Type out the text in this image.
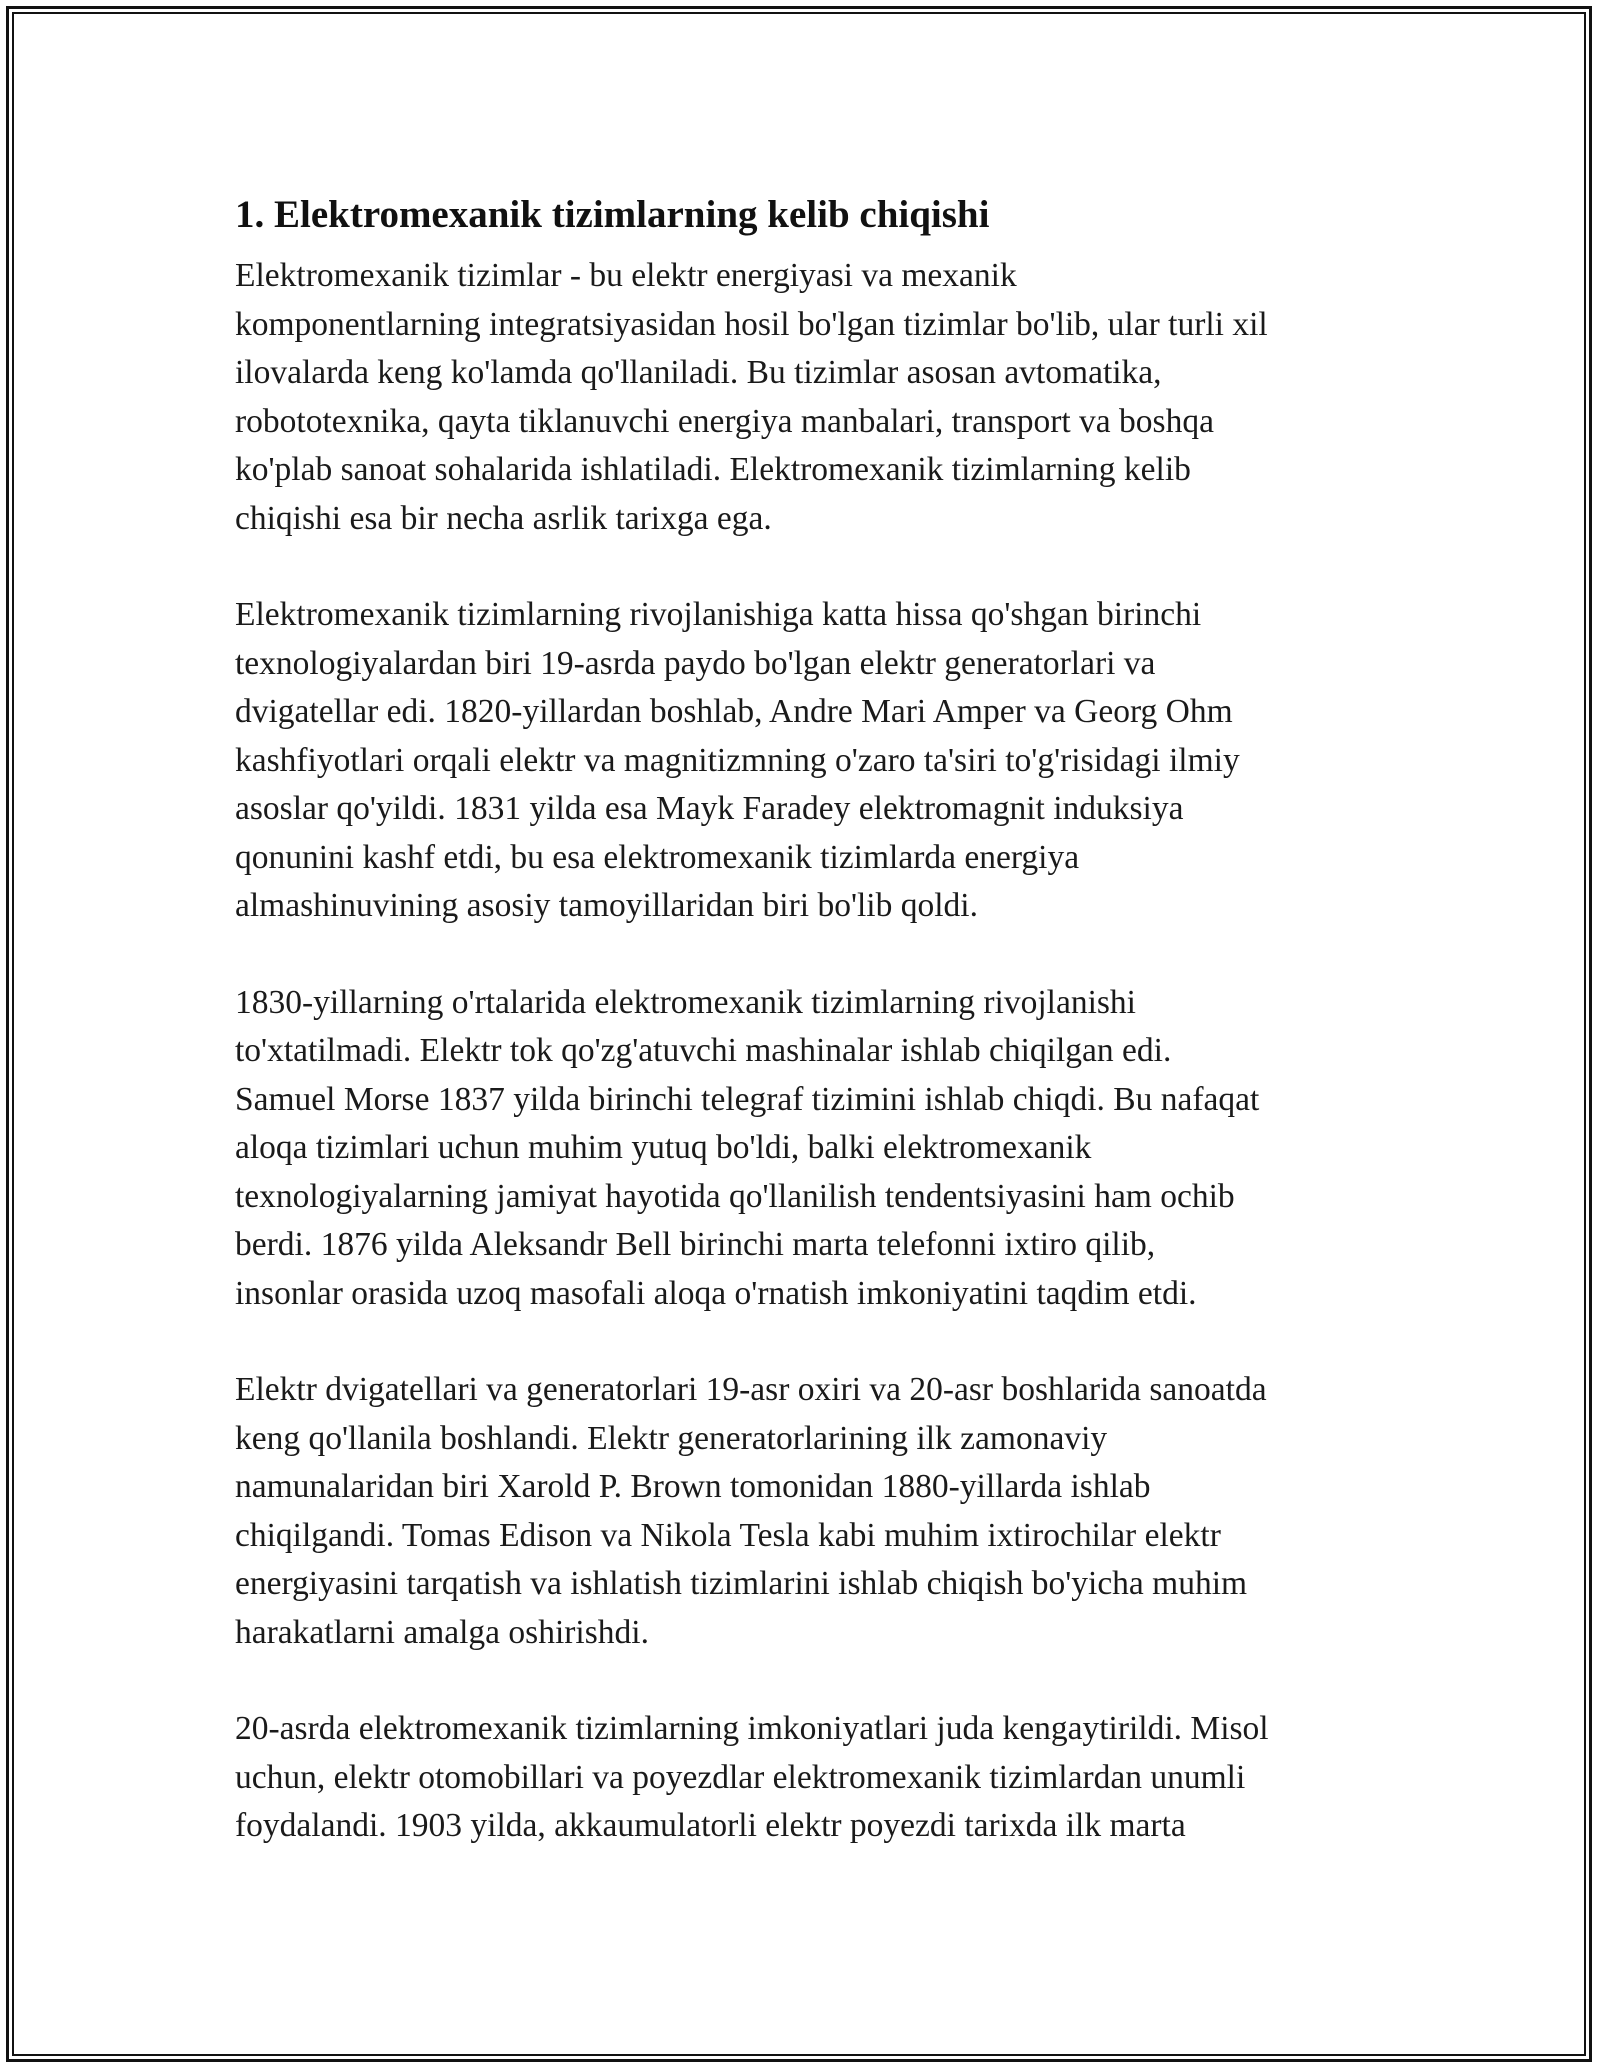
1. Elektromexanik tizimlarning kelib chiqishi
Elektromexanik tizimlar - bu elektr energiyasi va mexanik
komponentlarning integratsiyasidan hosil bo'lgan tizimlar bo'lib, ular turli xil
ilovalarda keng ko'lamda qo'llaniladi. Bu tizimlar asosan avtomatika,
robototexnika, qayta tiklanuvchi energiya manbalari, transport va boshqa
ko'plab sanoat sohalarida ishlatiladi. Elektromexanik tizimlarning kelib
chiqishi esa bir necha asrlik tarixga ega.
Elektromexanik tizimlarning rivojlanishiga katta hissa qo'shgan birinchi
texnologiyalardan biri 19-asrda paydo bo'lgan elektr generatorlari va
dvigatellar edi. 1820-yillardan boshlab, Andre Mari Amper va Georg Ohm
kashfiyotlari orqali elektr va magnitizmning o'zaro ta'siri to'g'risidagi ilmiy
asoslar qo'yildi. 1831 yilda esa Mayk Faradey elektromagnit induksiya
qonunini kashf etdi, bu esa elektromexanik tizimlarda energiya
almashinuvining asosiy tamoyillaridan biri bo'lib qoldi.
1830-yillarning o'rtalarida elektromexanik tizimlarning rivojlanishi
to'xtatilmadi. Elektr tok qo'zg'atuvchi mashinalar ishlab chiqilgan edi.
Samuel Morse 1837 yilda birinchi telegraf tizimini ishlab chiqdi. Bu nafaqat
aloqa tizimlari uchun muhim yutuq bo'ldi, balki elektromexanik
texnologiyalarning jamiyat hayotida qo'llanilish tendentsiyasini ham ochib
berdi. 1876 yilda Aleksandr Bell birinchi marta telefonni ixtiro qilib,
insonlar orasida uzoq masofali aloqa o'rnatish imkoniyatini taqdim etdi.
Elektr dvigatellari va generatorlari 19-asr oxiri va 20-asr boshlarida sanoatda
keng qo'llanila boshlandi. Elektr generatorlarining ilk zamonaviy
namunalaridan biri Xarold P. Brown tomonidan 1880-yillarda ishlab
chiqilgandi. Tomas Edison va Nikola Tesla kabi muhim ixtirochilar elektr
energiyasini tarqatish va ishlatish tizimlarini ishlab chiqish bo'yicha muhim
harakatlarni amalga oshirishdi.
20-asrda elektromexanik tizimlarning imkoniyatlari juda kengaytirildi. Misol
uchun, elektr otomobillari va poyezdlar elektromexanik tizimlardan unumli
foydalandi. 1903 yilda, akkaumulatorli elektr poyezdi tarixda ilk marta
